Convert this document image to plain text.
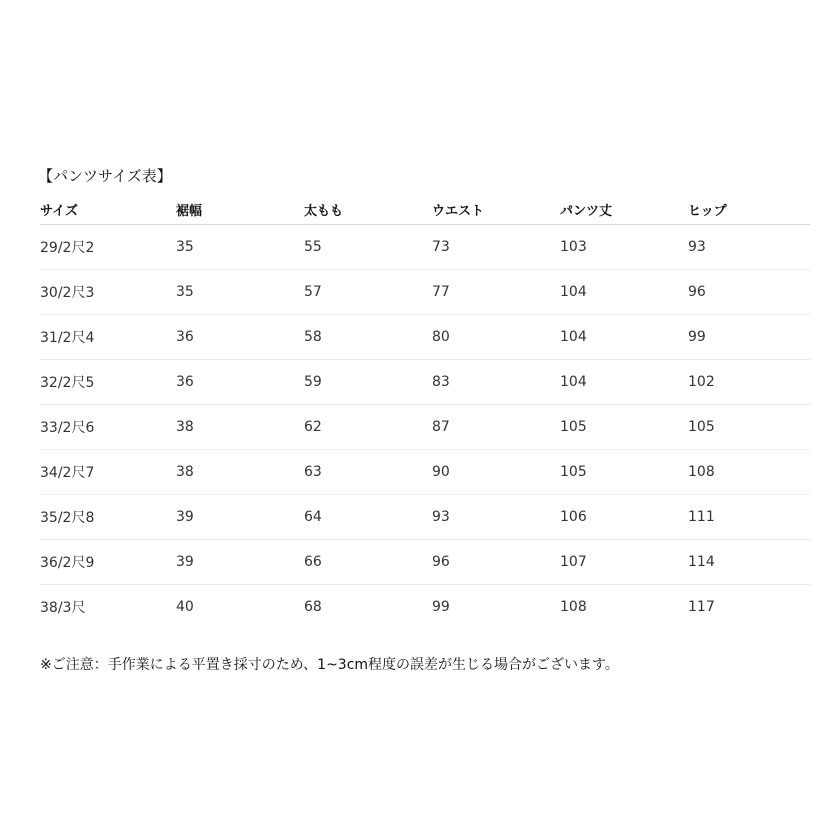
【パンツサイズ表】
サイズ	裾幅	太もも	ウエスト	パンツ丈	ヒップ
29/2尺2	35	55	73	103	93
30/2尺3	35	57	77	104	96
31/2尺4	36	58	80	104	99
32/2尺5	36	59	83	104	102
33/2尺6	38	62	87	105	105
34/2尺7	38	63	90	105	108
35/2尺8	39	64	93	106	111
36/2尺9	39	66	96	107	114
38/3尺	40	68	99	108	117
※ご注意：手作業による平置き採寸のため、1~3cm程度の誤差が生じる場合がございます。
